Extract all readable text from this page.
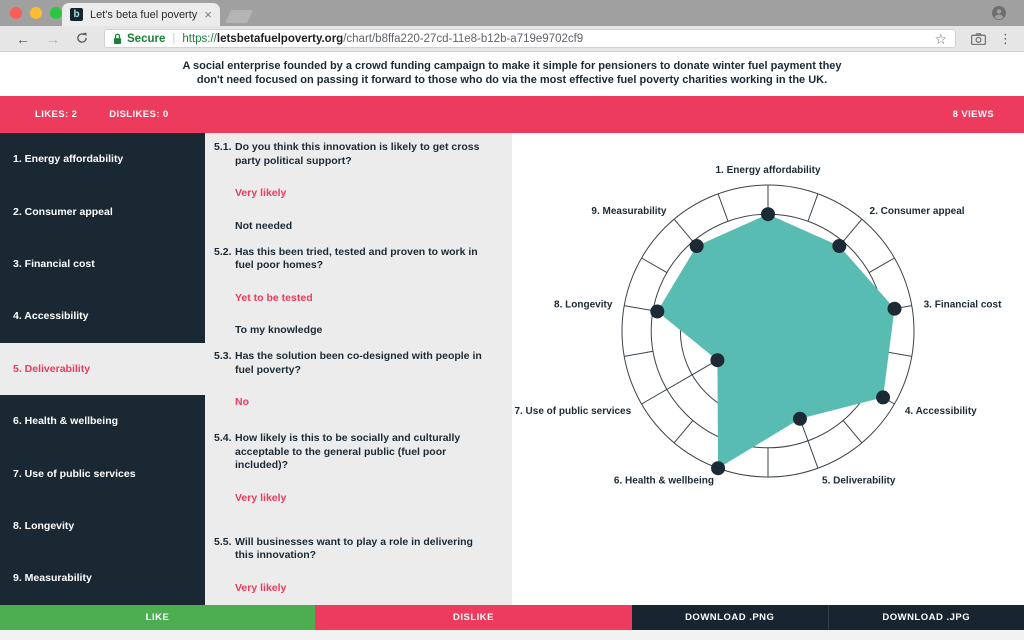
b Let's beta fuel poverty ×
←	→	Secure | https:// letsbetafuelpoverty.org /chart/b8ffa220-27cd-11e8-b12b-a719e9702cf9	☆	⋮
A social enterprise founded by a crowd funding campaign to make it simple for pensioners to donate winter fuel payment they
don't need focused on passing it forward to those who do via the most effective fuel poverty charities working in the UK.
LIKES: 2	DISLIKES: 0	8 VIEWS
1. Energy affordability
2. Consumer appeal
3. Financial cost
4. Accessibility
5. Deliverability
6. Health & wellbeing
7. Use of public services
8. Longevity
9. Measurability
5.1. Do you think this innovation is likely to get cross party political support?
Very likely
Not needed
5.2. Has this been tried, tested and proven to work in fuel poor homes?
Yet to be tested
To my knowledge
5.3. Has the solution been co-designed with people in fuel poverty?
No
5.4. How likely is this to be socially and culturally acceptable to the general public (fuel poor included)?
Very likely
5.5. Will businesses want to play a role in delivering this innovation?
Very likely
1. Energy affordability
2. Consumer appeal
3. Financial cost
4. Accessibility
5. Deliverability
6. Health & wellbeing
7. Use of public services
8. Longevity
9. Measurability
LIKE	DISLIKE	DOWNLOAD .PNG	DOWNLOAD .JPG
